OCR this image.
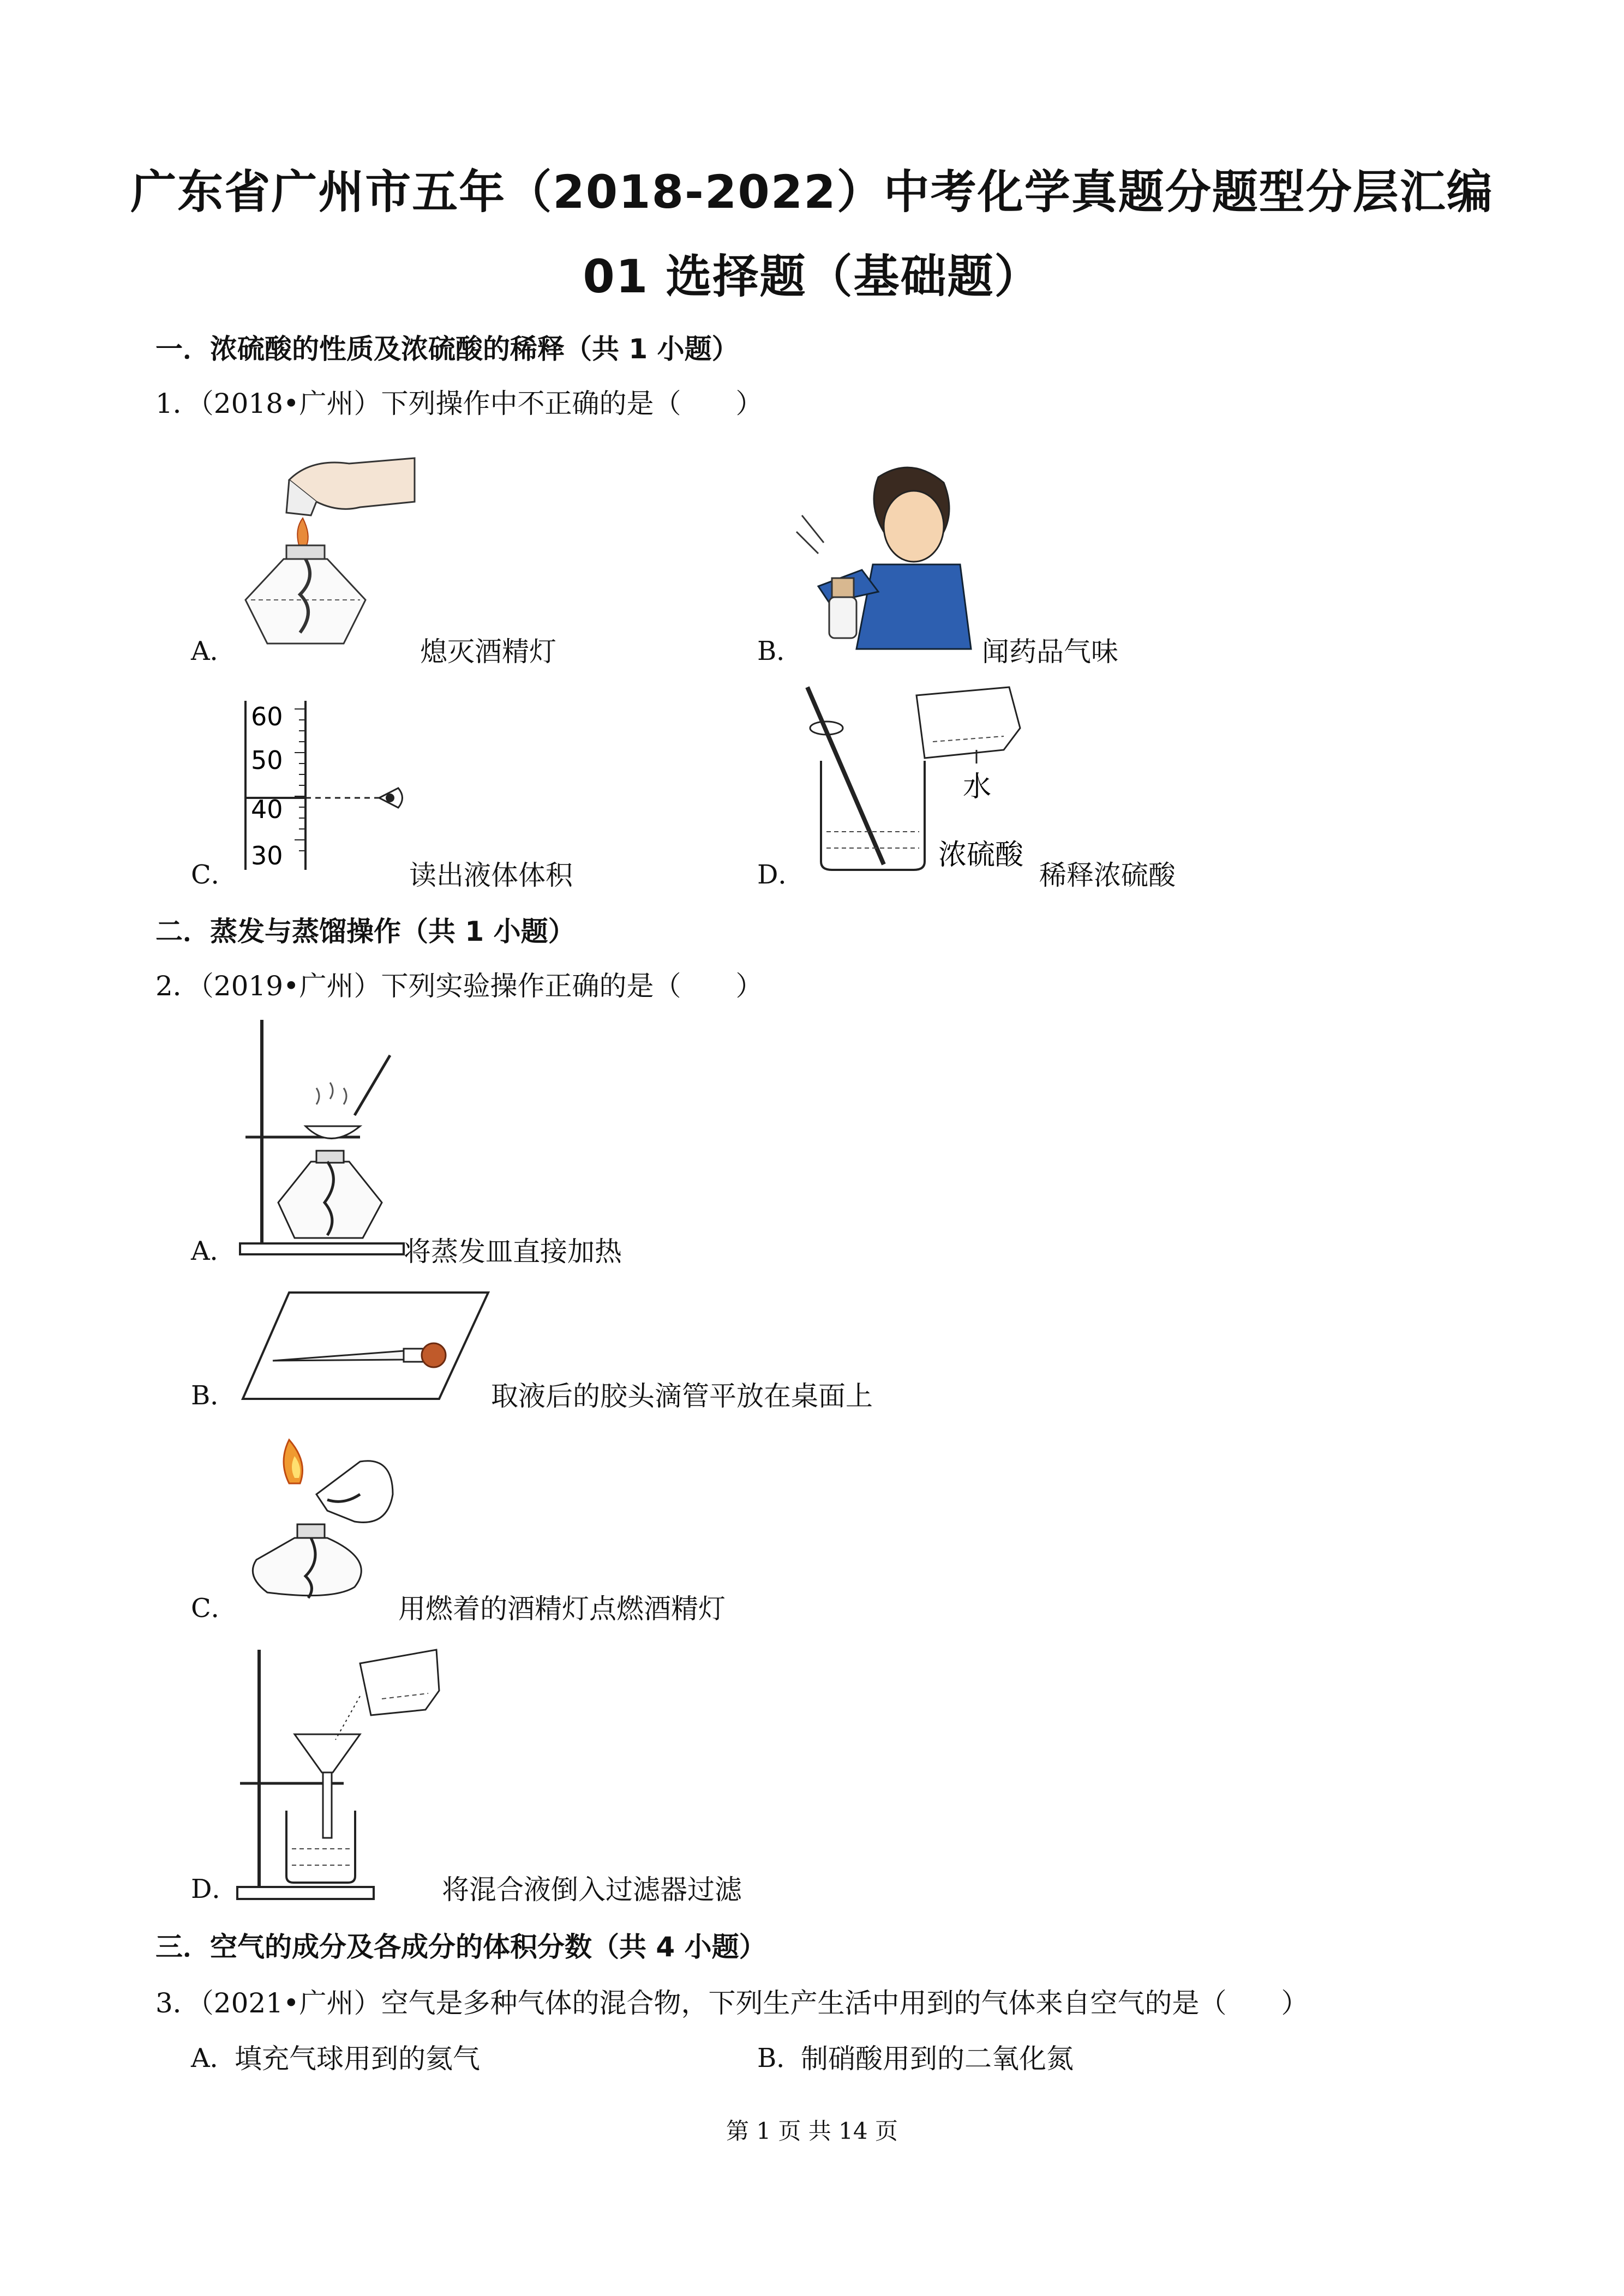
广东省广州市五年（2018-2022）中考化学真题分题型分层汇编
01 选择题（基础题）
一．浓硫酸的性质及浓硫酸的稀释（共 1 小题）
1．（2018•广州）下列操作中不正确的是（　　）
A．	熄灭酒精灯	B．	闻药品气味
60
50
40
30
C．	读出液体体积
水
浓硫酸
D．	稀释浓硫酸
二．蒸发与蒸馏操作（共 1 小题）
2．（2019•广州）下列实验操作正确的是（　　）
A．	将蒸发皿直接加热
B．	取液后的胶头滴管平放在桌面上
C．	用燃着的酒精灯点燃酒精灯
D．	将混合液倒入过滤器过滤
三．空气的成分及各成分的体积分数（共 4 小题）
3．（2021•广州）空气是多种气体的混合物，下列生产生活中用到的气体来自空气的是（　　）
A．
填充气球用到的氦气	B．
制硝酸用到的二氧化氮
第 1 页 共 14 页
